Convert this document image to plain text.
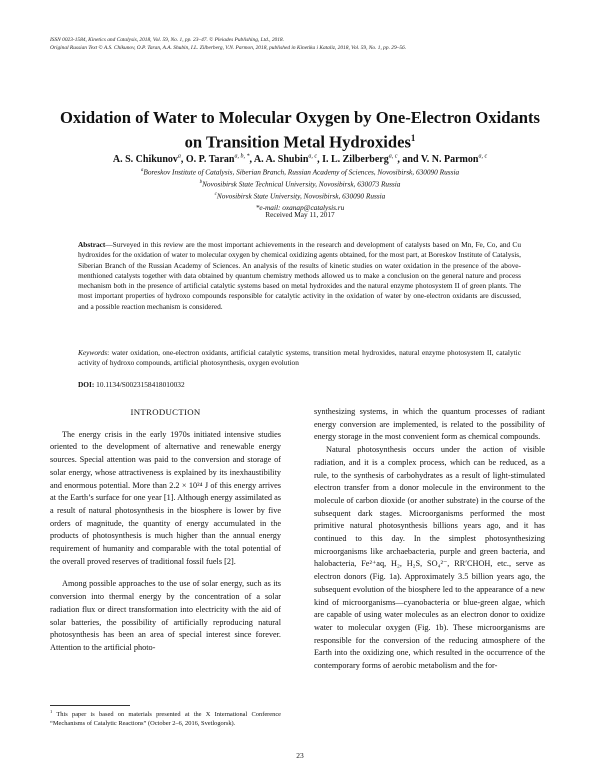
ISSN 0023-1584, Kinetics and Catalysis, 2018, Vol. 59, No. 1, pp. 23–47. © Pleiades Publishing, Ltd., 2018.
Original Russian Text © A.S. Chikunov, O.P. Taran, A.A. Shubin, I.L. Zilberberg, V.N. Parmon, 2018, published in Kinetika i Kataliz, 2018, Vol. 59, No. 1, pp. 29–56.
Oxidation of Water to Molecular Oxygen by One-Electron Oxidants
on Transition Metal Hydroxides$^1$
A. S. Chikunov$^a$, O. P. Taran$^{a, b, *}$, A. A. Shubin$^{a, c}$, I. L. Zilberberg$^{a, c}$, and V. N. Parmon$^{a, c}$
$^a$Boreskov Institute of Catalysis, Siberian Branch, Russian Academy of Sciences, Novosibirsk, 630090 Russia
$^b$Novosibirsk State Technical University, Novosibirsk, 630073 Russia
$^c$Novosibirsk State University, Novosibirsk, 630090 Russia
*e-mail: oxanap@catalysis.ru
Received May 11, 2017
Abstract—Surveyed in this review are the most important achievements in the research and development of catalysts based on Mn, Fe, Co, and Cu hydroxides for the oxidation of water to molecular oxygen by chemical oxidizing agents obtained, for the most part, at Boreskov Institute of Catalysis, Siberian Branch of the Russian Academy of Sciences. An analysis of the results of kinetic studies on water oxidation in the presence of the above-menthioned catalysts together with data obtained by quantum chemistry methods allowed us to make a conclusion on the general nature and process mechanism both in the presence of artificial catalytic systems based on metal hydroxides and the natural enzyme photosystem II of green plants. The most important properties of hydroxo compounds responsible for catalytic activity in the oxidation of water by one-electron oxidants are discussed, and a possible reaction mechanism is considered.
Keywords: water oxidation, one-electron oxidants, artificial catalytic systems, transition metal hydroxides, natural enzyme photosystem II, catalytic activity of hydroxo compounds, artificial photosynthesis, oxygen evolution
DOI: 10.1134/S0023158418010032
INTRODUCTION

The energy crisis in the early 1970s initiated intensive studies oriented to the development of alternative and renewable energy sources. Special attention was paid to the conversion and storage of solar energy, whose attractiveness is explained by its inexhaustibility and enormous potential. More than 2.2 × 10²⁴ J of this energy arrives at the Earth’s surface for one year [1]. Although energy assimilated as a result of natural photosynthesis in the biosphere is lower by five orders of magnitude, the quantity of energy accumulated in the products of photosynthesis is much higher than the annual energy requirement of humanity and comparable with the total potential of the overall proved reserves of traditional fossil fuels [2].

Among possible approaches to the use of solar energy, such as its conversion into thermal energy by the concentration of a solar radiation flux or direct transformation into electricity with the aid of solar batteries, the possibility of artificially reproducing natural photosynthesis has been an area of special interest since forever. Attention to the artificial photo-

synthesizing systems, in which the quantum processes of radiant energy conversion are implemented, is related to the possibility of energy storage in the most convenient form as chemical compounds.

Natural photosynthesis occurs under the action of visible radiation, and it is a complex process, which can be reduced, as a rule, to the synthesis of carbohydrates as a result of light-stimulated electron transfer from a donor molecule in the environment to the molecule of carbon dioxide (or another substrate) in the course of the subsequent dark stages. Microorganisms performed the most primitive natural photosynthesis billions years ago, and it has continued to this day. In the simplest photosynthesizing microorganisms like archaebacteria, purple and green bacteria, and halobacteria, Fe²⁺aq, H₂, H₂S, SO₄²⁻, RR′CHOH, etc., serve as electron donors (Fig. 1a). Approximately 3.5 billion years ago, the subsequent evolution of the biosphere led to the appearance of a new kind of microorganisms—cyanobacteria or blue-green algae, which are capable of using water molecules as an electron donor to oxidize water to molecular oxygen (Fig. 1b). These microorganisms are responsible for the conversion of the reducing atmosphere of the Earth into the oxidizing one, which resulted in the occurrence of the contemporary forms of aerobic metabolism and the for-

$^1$ This paper is based on materials presented at the X International Conference “Mechanisms of Catalytic Reactions” (October 2–6, 2016, Svetlogorsk).
23
